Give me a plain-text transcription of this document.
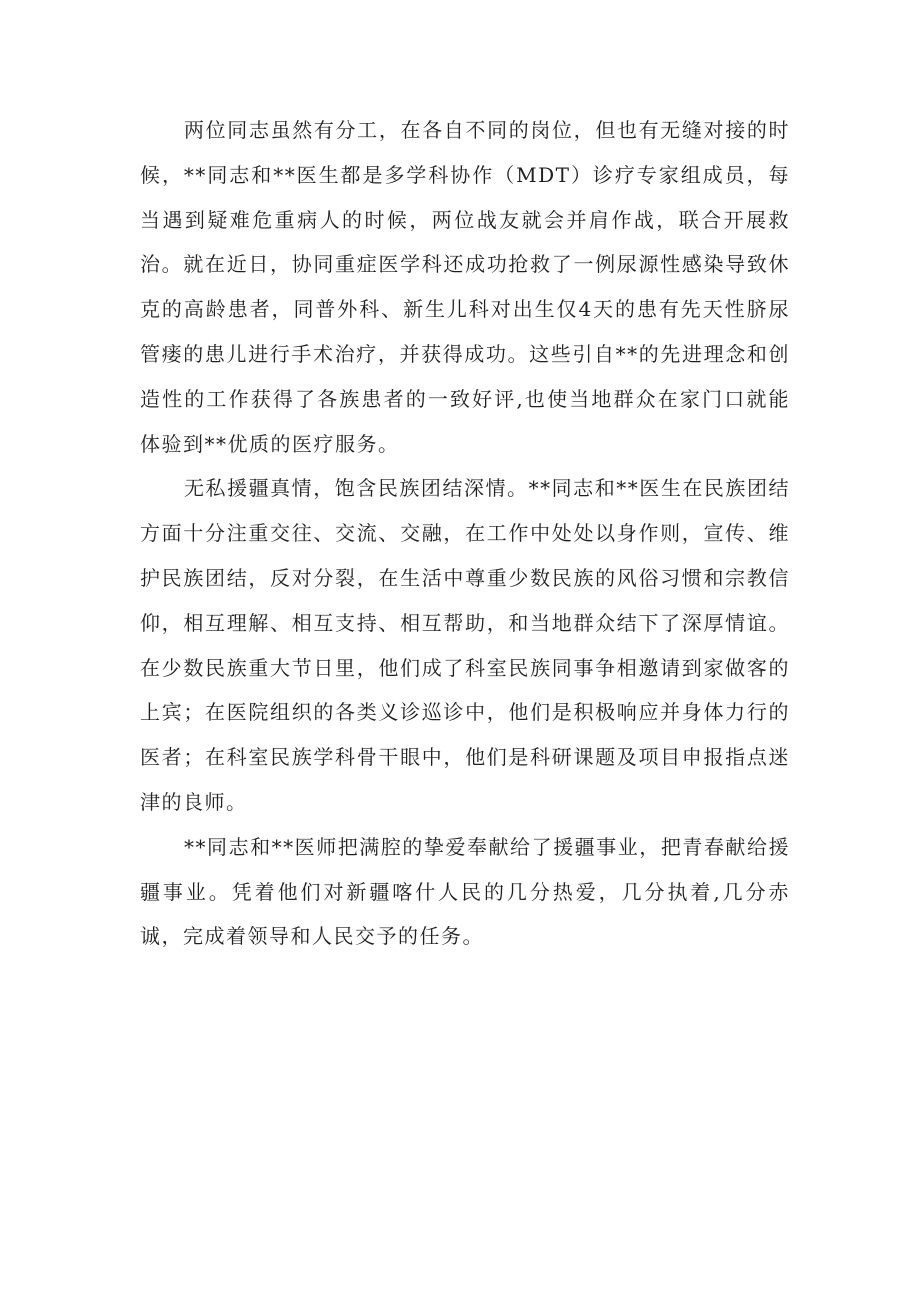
两位同志虽然有分工，在各自不同的岗位，但也有无缝对接的时候，**同志和**医生都是多学科协作（MDT）诊疗专家组成员，每当遇到疑难危重病人的时候，两位战友就会并肩作战，联合开展救治。就在近日，协同重症医学科还成功抢救了一例尿源性感染导致休克的高龄患者，同普外科、新生儿科对出生仅4天的患有先天性脐尿管瘘的患儿进行手术治疗，并获得成功。这些引自**的先进理念和创造性的工作获得了各族患者的一致好评,也使当地群众在家门口就能体验到**优质的医疗服务。

无私援疆真情，饱含民族团结深情。**同志和**医生在民族团结方面十分注重交往、交流、交融，在工作中处处以身作则，宣传、维护民族团结，反对分裂，在生活中尊重少数民族的风俗习惯和宗教信仰，相互理解、相互支持、相互帮助，和当地群众结下了深厚情谊。在少数民族重大节日里，他们成了科室民族同事争相邀请到家做客的上宾；在医院组织的各类义诊巡诊中，他们是积极响应并身体力行的医者；在科室民族学科骨干眼中，他们是科研课题及项目申报指点迷津的良师。

**同志和**医师把满腔的挚爱奉献给了援疆事业，把青春献给援疆事业。凭着他们对新疆喀什人民的几分热爱，几分执着,几分赤诚，完成着领导和人民交予的任务。
